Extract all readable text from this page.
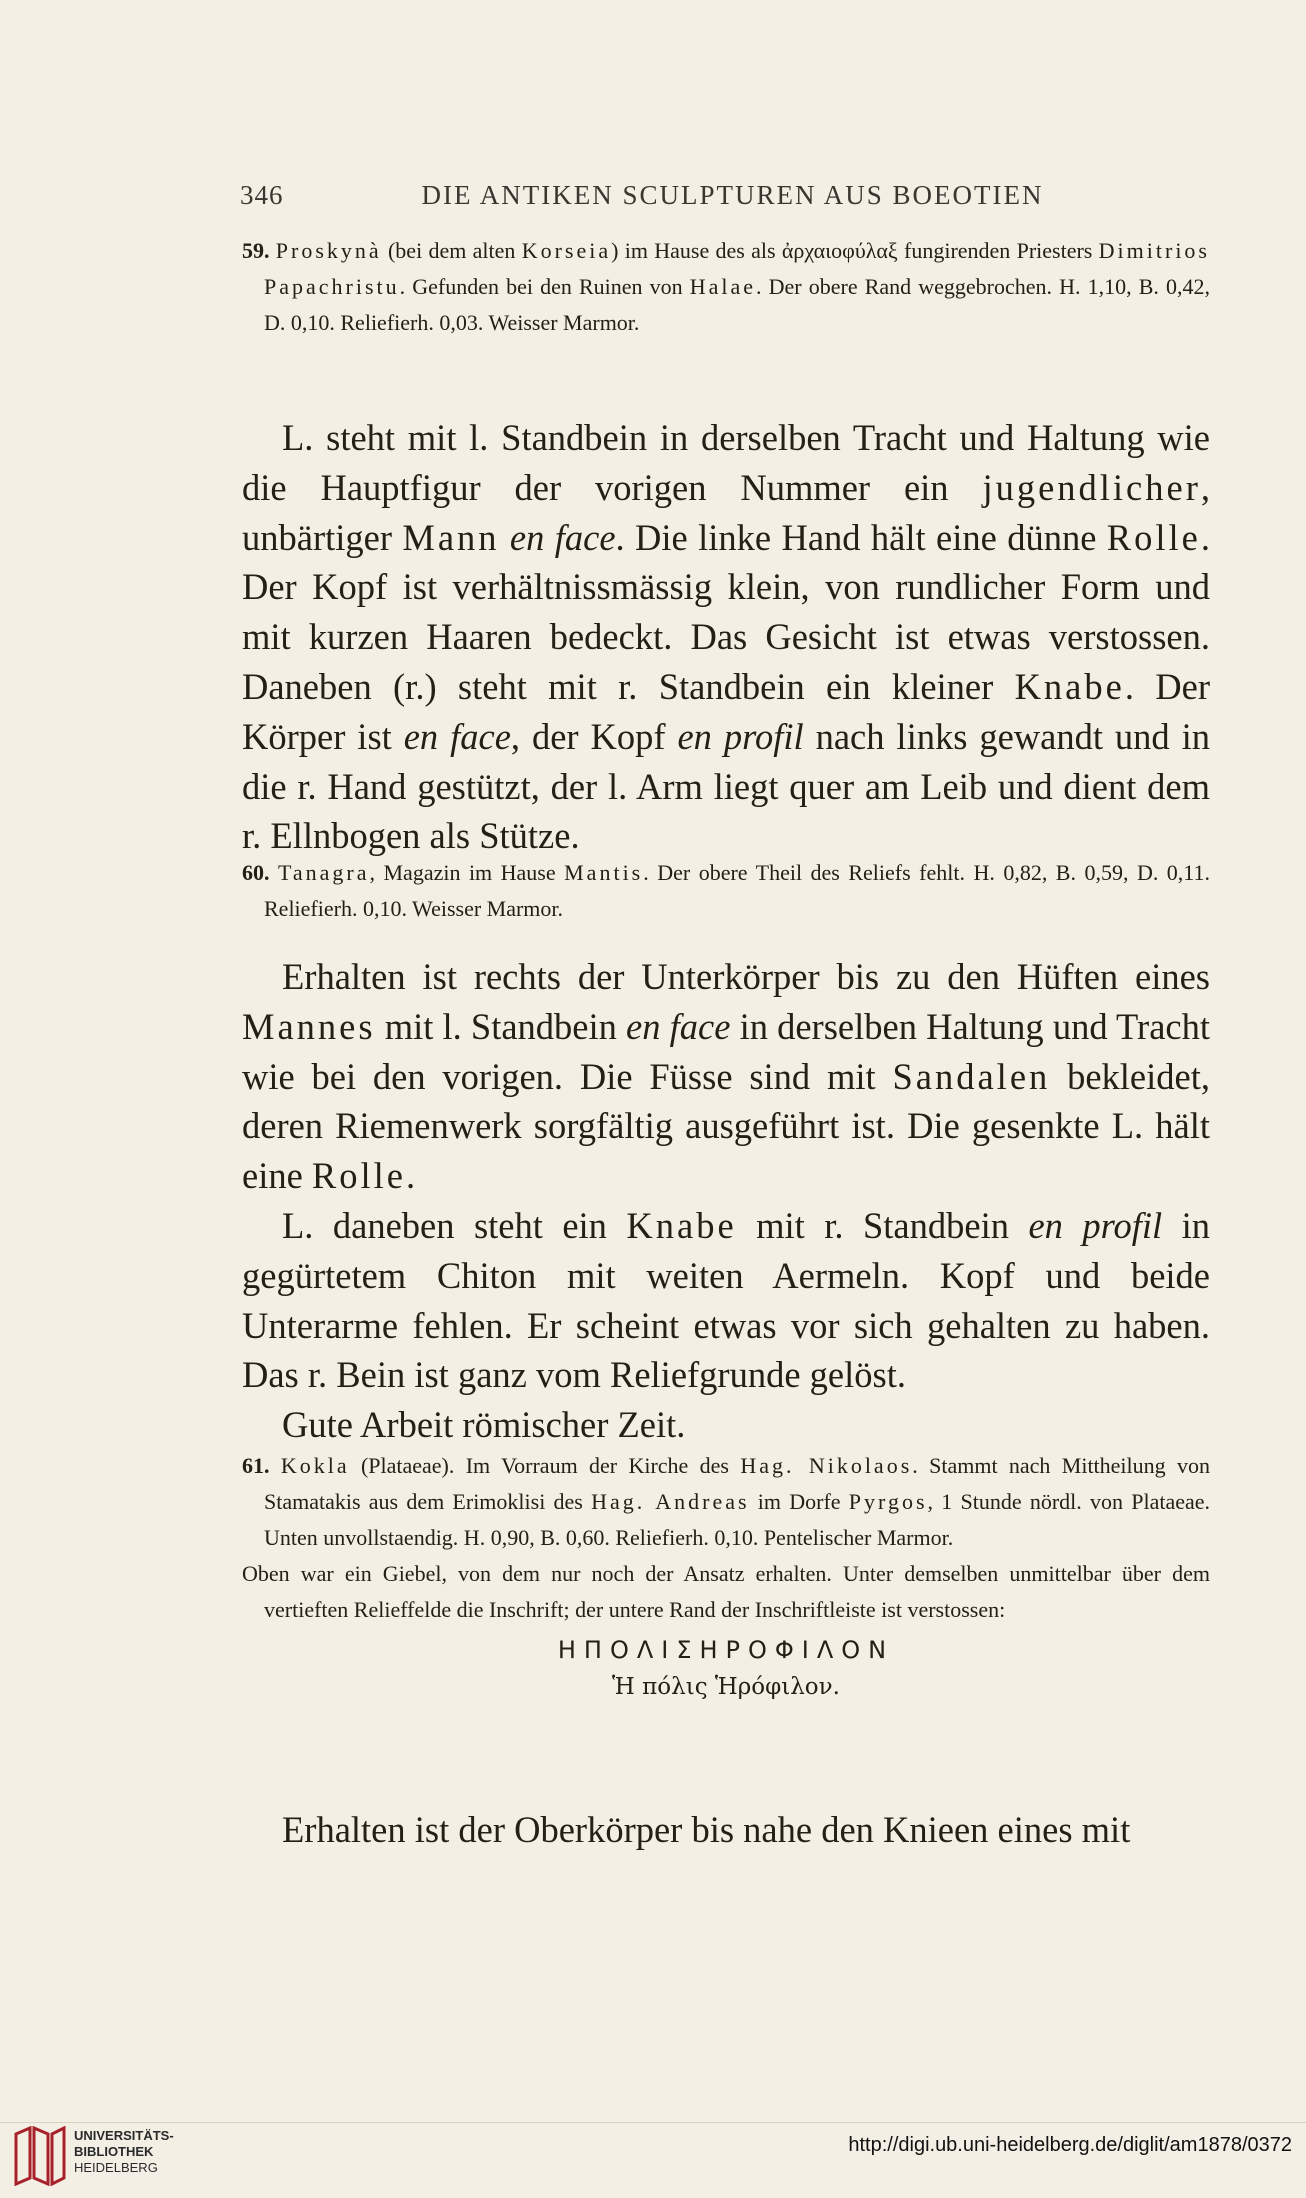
346	DIE ANTIKEN SCULPTUREN AUS BOEOTIEN

59. Proskynà (bei dem alten Korseia) im Hause des als ἀρχαιοφύλαξ fungirenden Priesters Dimitrios Papachristu. Gefunden bei den Ruinen von Halae. Der obere Rand weggebrochen. H. 1,10, B. 0,42, D. 0,10. Reliefierh. 0,03. Weisser Marmor.

L. steht mit l. Standbein in derselben Tracht und Haltung wie die Hauptfigur der vorigen Nummer ein jugendlicher, unbärtiger Mann en face. Die linke Hand hält eine dünne Rolle. Der Kopf ist verhältnissmässig klein, von rundlicher Form und mit kurzen Haaren bedeckt. Das Gesicht ist etwas verstossen. Daneben (r.) steht mit r. Standbein ein kleiner Knabe. Der Körper ist en face, der Kopf en profil nach links gewandt und in die r. Hand gestützt, der l. Arm liegt quer am Leib und dient dem r. Ellnbogen als Stütze.

60. Tanagra, Magazin im Hause Mantis. Der obere Theil des Reliefs fehlt. H. 0,82, B. 0,59, D. 0,11. Reliefierh. 0,10. Weisser Marmor.

Erhalten ist rechts der Unterkörper bis zu den Hüften eines Mannes mit l. Standbein en face in derselben Haltung und Tracht wie bei den vorigen. Die Füsse sind mit Sandalen bekleidet, deren Riemenwerk sorgfältig ausgeführt ist. Die gesenkte L. hält eine Rolle.

L. daneben steht ein Knabe mit r. Standbein en profil in gegürtetem Chiton mit weiten Aermeln. Kopf und beide Unterarme fehlen. Er scheint etwas vor sich gehalten zu haben. Das r. Bein ist ganz vom Reliefgrunde gelöst.

Gute Arbeit römischer Zeit.

61. Kokla (Plataeae). Im Vorraum der Kirche des Hag. Nikolaos. Stammt nach Mittheilung von Stamatakis aus dem Erimoklisi des Hag. Andreas im Dorfe Pyrgos, 1 Stunde nördl. von Plataeae. Unten unvollstaendig. H. 0,90, B. 0,60. Reliefierh. 0,10. Pentelischer Marmor.

Oben war ein Giebel, von dem nur noch der Ansatz erhalten. Unter demselben unmittelbar über dem vertieften Relieffelde die Inschrift; der untere Rand der Inschriftleiste ist verstossen:

ΗΠΟΛΙΣΗΡΟΦΙΛΟΝ
Ἡ πόλις Ἡρόφιλον.

Erhalten ist der Oberkörper bis nahe den Knieen eines mit

UNIVERSITÄTS-
BIBLIOTHEK
HEIDELBERG
http://digi.ub.uni-heidelberg.de/diglit/am1878/0372
